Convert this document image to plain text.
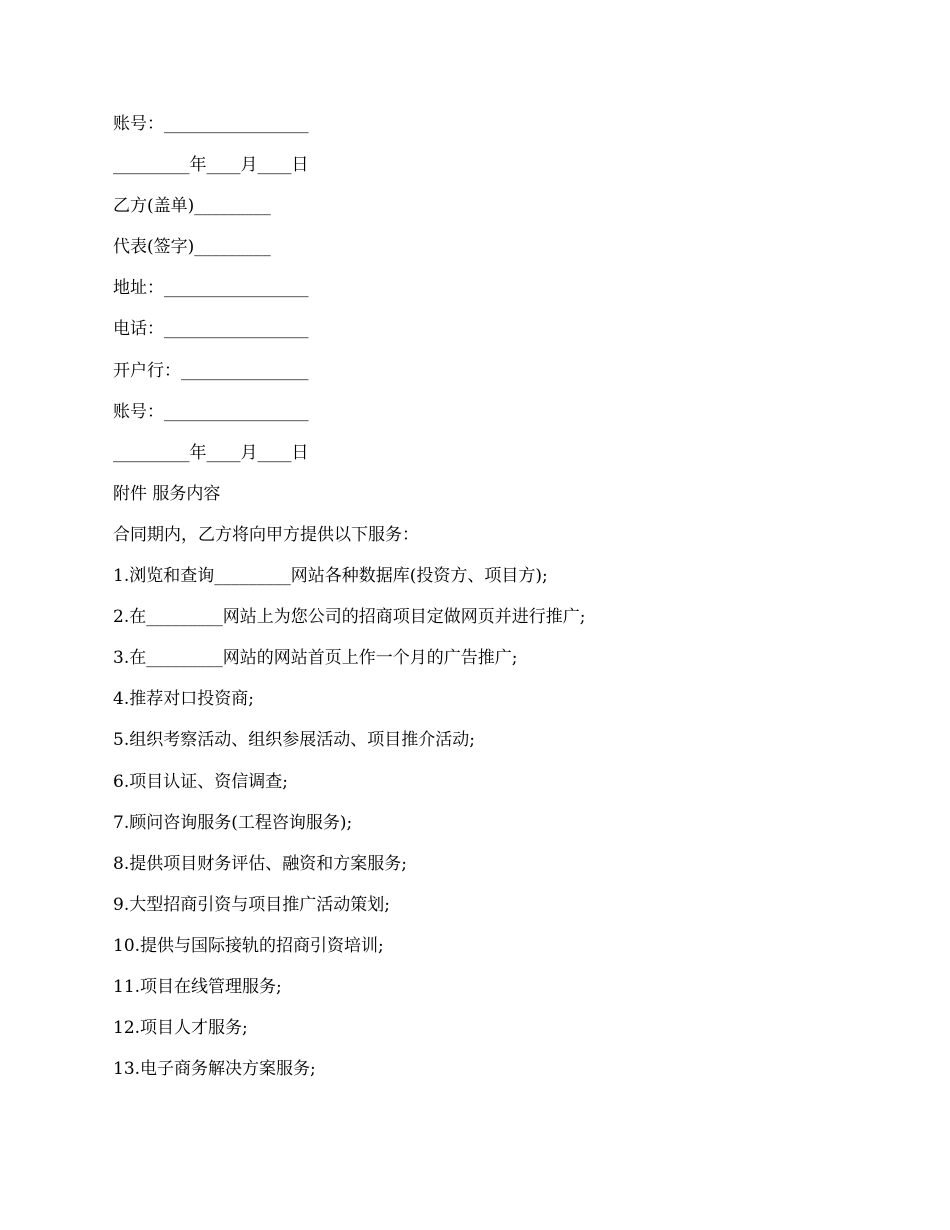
账号：_________________
_________年____月____日
乙方(盖单)_________
代表(签字)_________
地址：_________________
电话：_________________
开户行：_______________
账号：_________________
_________年____月____日
附件 服务内容
合同期内，乙方将向甲方提供以下服务：
1.浏览和查询_________网站各种数据库(投资方、项目方);
2.在_________网站上为您公司的招商项目定做网页并进行推广;
3.在_________网站的网站首页上作一个月的广告推广;
4.推荐对口投资商;
5.组织考察活动、组织参展活动、项目推介活动;
6.项目认证、资信调查;
7.顾问咨询服务(工程咨询服务);
8.提供项目财务评估、融资和方案服务;
9.大型招商引资与项目推广活动策划;
10.提供与国际接轨的招商引资培训;
11.项目在线管理服务;
12.项目人才服务;
13.电子商务解决方案服务;
